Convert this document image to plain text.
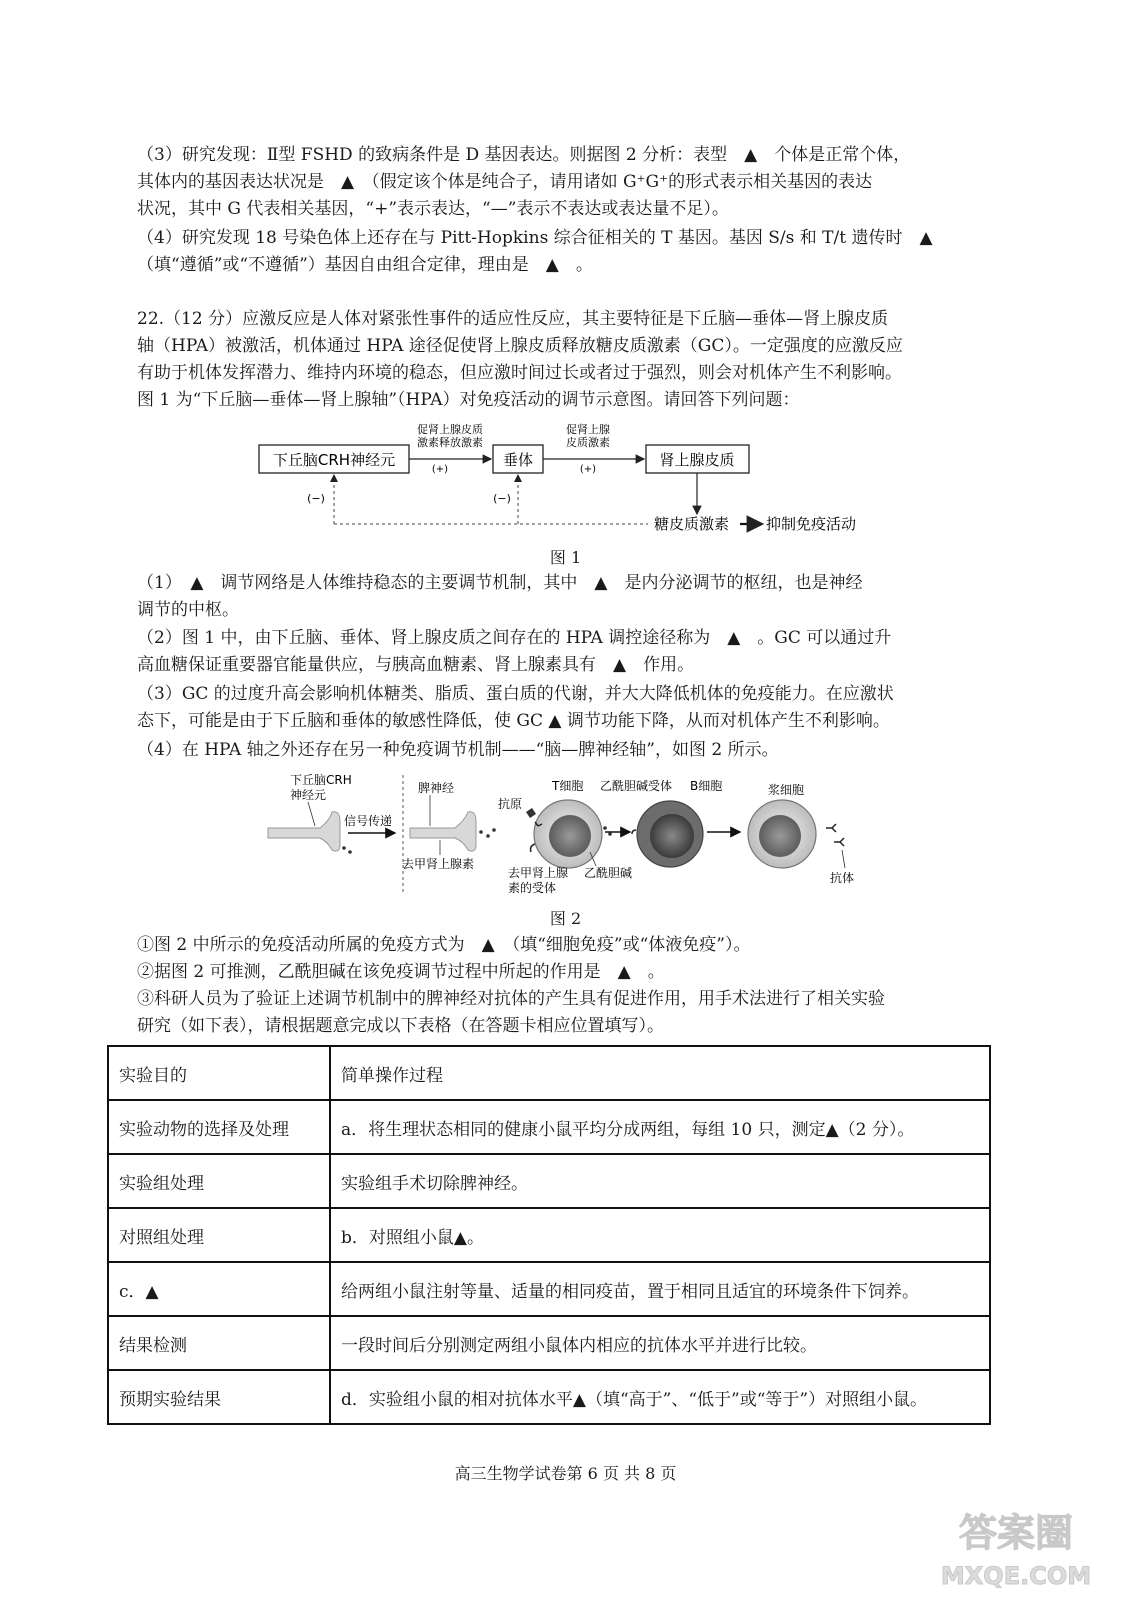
（3）研究发现：Ⅱ型 FSHD 的致病条件是 D 基因表达。则据图 2 分析：表型　▲　个体是正常个体，
其体内的基因表达状况是　▲　（假定该个体是纯合子，请用诸如 G⁺G⁺的形式表示相关基因的表达
状况，其中 G 代表相关基因，“+”表示表达，“—”表示不表达或表达量不足）。
（4）研究发现 18 号染色体上还存在与 Pitt-Hopkins 综合征相关的 T 基因。基因 S/s 和 T/t 遗传时　▲
（填“遵循”或“不遵循”）基因自由组合定律，理由是　▲　。
22.（12 分）应激反应是人体对紧张性事件的适应性反应，其主要特征是下丘脑—垂体—肾上腺皮质
轴（HPA）被激活，机体通过 HPA 途径促使肾上腺皮质释放糖皮质激素（GC）。一定强度的应激反应
有助于机体发挥潜力、维持内环境的稳态，但应激时间过长或者过于强烈，则会对机体产生不利影响。
图 1 为“下丘脑—垂体—肾上腺轴”（HPA）对免疫活动的调节示意图。请回答下列问题：
下丘脑CRH神经元	垂体	肾上腺皮质
促肾上腺皮质
激素释放激素
(+)
促肾上腺
皮质激素
(+)
(−)	(−)
糖皮质激素 抑制免疫活动
图 1
（1）　▲　调节网络是人体维持稳态的主要调节机制，其中　▲　是内分泌调节的枢纽，也是神经
调节的中枢。
（2）图 1 中，由下丘脑、垂体、肾上腺皮质之间存在的 HPA 调控途径称为　▲　。GC 可以通过升
高血糖保证重要器官能量供应，与胰高血糖素、肾上腺素具有　▲　作用。
（3）GC 的过度升高会影响机体糖类、脂质、蛋白质的代谢，并大大降低机体的免疫能力。在应激状
态下，可能是由于下丘脑和垂体的敏感性降低，使 GC ▲ 调节功能下降，从而对机体产生不利影响。
（4）在 HPA 轴之外还存在另一种免疫调节机制——“脑—脾神经轴”，如图 2 所示。
下丘脑CRH
神经元
信号传递
脾神经
去甲肾上腺素
T细胞
抗原
去甲肾上腺
素的受体
乙酰胆碱
乙酰胆碱受体 B细胞	浆细胞
抗体
图 2
①图 2 中所示的免疫活动所属的免疫方式为　▲　（填“细胞免疫”或“体液免疫”）。
②据图 2 可推测，乙酰胆碱在该免疫调节过程中所起的作用是　▲　。
③科研人员为了验证上述调节机制中的脾神经对抗体的产生具有促进作用，用手术法进行了相关实验
研究（如下表），请根据题意完成以下表格（在答题卡相应位置填写）。
实验目的	简单操作过程
实验动物的选择及处理	a．将生理状态相同的健康小鼠平均分成两组，每组 10 只，测定▲（2 分）。
实验组处理	实验组手术切除脾神经。
对照组处理	b．对照组小鼠▲。
c．▲	给两组小鼠注射等量、适量的相同疫苗，置于相同且适宜的环境条件下饲养。
结果检测	一段时间后分别测定两组小鼠体内相应的抗体水平并进行比较。
预期实验结果	d．实验组小鼠的相对抗体水平▲（填“高于”、“低于”或“等于”）对照组小鼠。
高三生物学试卷第 6 页 共 8 页
答案圈
MXQE.COM
